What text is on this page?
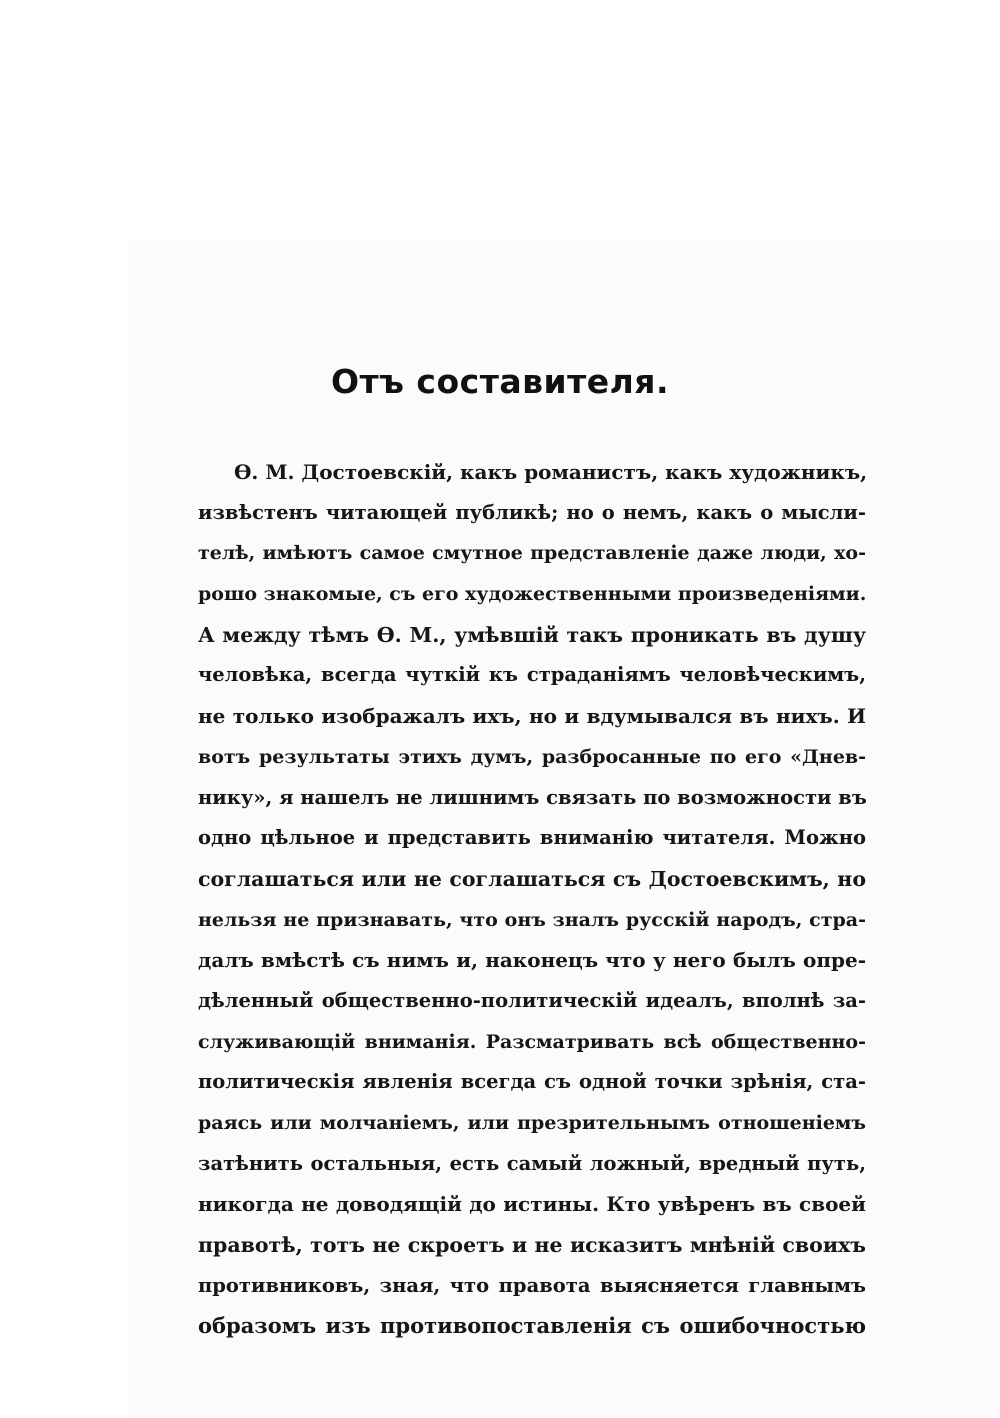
Отъ составителя.
Ѳ. М. Достоевскій, какъ романистъ, какъ художникъ,
извѣстенъ читающей публикѣ; но о немъ, какъ о мысли-
телѣ, имѣютъ самое смутное представленіе даже люди, хо-
рошо знакомые, съ его художественными произведеніями.
А между тѣмъ Ѳ. М., умѣвшій такъ проникать въ душу
человѣка, всегда чуткій къ страданіямъ человѣческимъ,
не только изображалъ ихъ, но и вдумывался въ нихъ. И
вотъ результаты этихъ думъ, разбросанные по его «Днев-
нику», я нашелъ не лишнимъ связать по возможности въ
одно цѣльное и представить вниманію читателя. Можно
соглашаться или не соглашаться съ Достоевскимъ, но
нельзя не признавать, что онъ зналъ русскій народъ, стра-
далъ вмѣстѣ съ нимъ и, наконецъ что у него былъ опре-
дѣленный общественно-политическій идеалъ, вполнѣ за-
служивающій вниманія. Разсматривать всѣ общественно-
политическія явленія всегда съ одной точки зрѣнія, ста-
раясь или молчаніемъ, или презрительнымъ отношеніемъ
затѣнить остальныя, есть самый ложный, вредный путь,
никогда не доводящій до истины. Кто увѣренъ въ своей
правотѣ, тотъ не скроетъ и не исказитъ мнѣній своихъ
противниковъ, зная, что правота выясняется главнымъ
образомъ изъ противопоставленія съ ошибочностью
